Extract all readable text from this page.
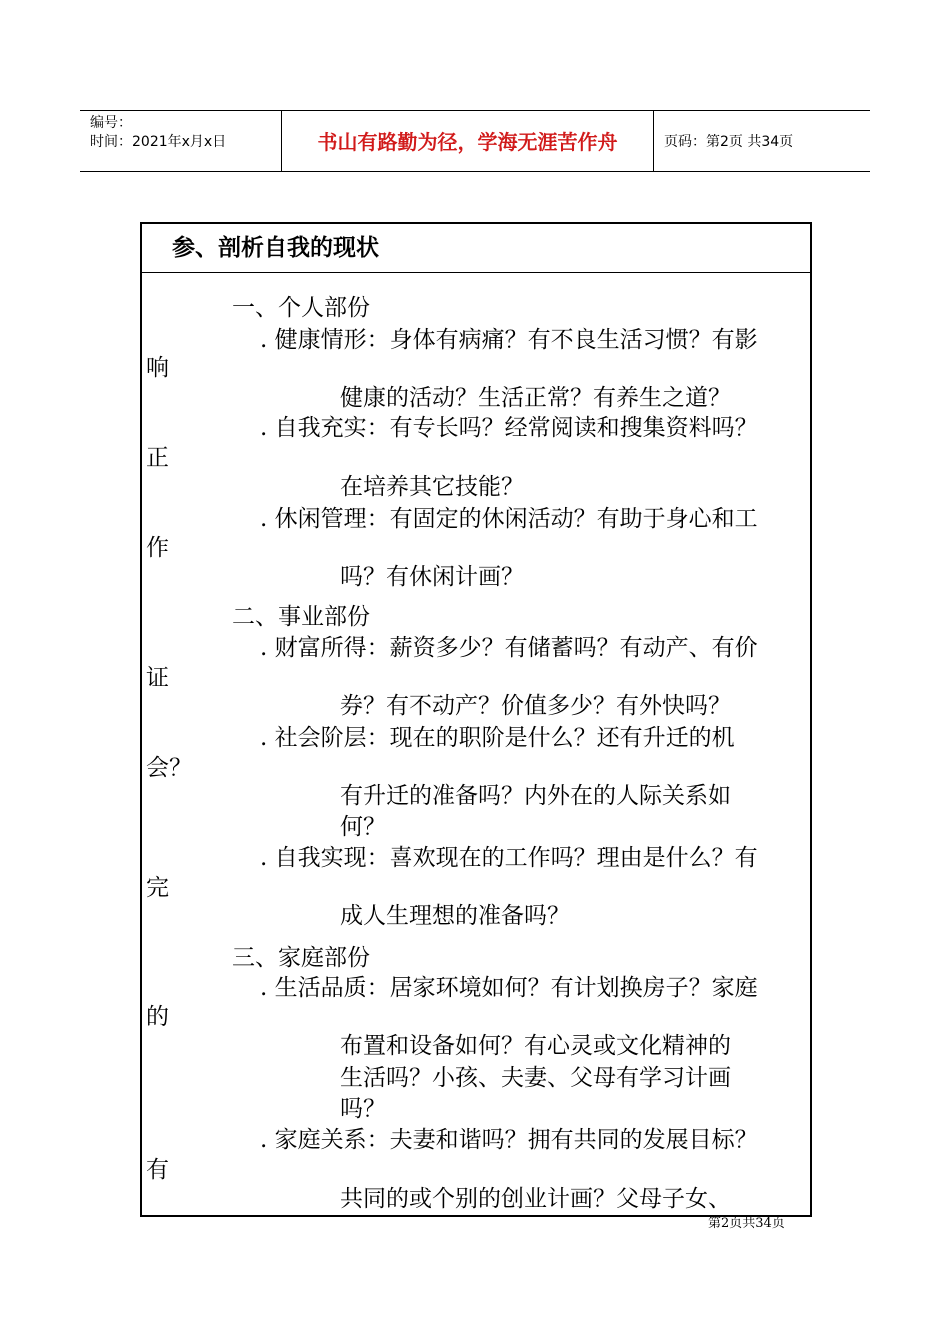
编号：
时间：2021年x月x日	书山有路勤为径，学海无涯苦作舟	页码：第2页 共34页
参、剖析自我的现状
响
正
作
证
会？
完
的
有
一、个人部份
. 健康情形：身体有病痛？有不良生活习惯？有影
健康的活动？生活正常？有养生之道？
. 自我充实：有专长吗？经常阅读和搜集资料吗？
在培养其它技能？
. 休闲管理：有固定的休闲活动？有助于身心和工
吗？有休闲计画？
二、事业部份
. 财富所得：薪资多少？有储蓄吗？有动产、有价
券？有不动产？价值多少？有外快吗？
. 社会阶层：现在的职阶是什么？还有升迁的机
有升迁的准备吗？内外在的人际关系如
何？
. 自我实现：喜欢现在的工作吗？理由是什么？有
成人生理想的准备吗？
三、家庭部份
. 生活品质：居家环境如何？有计划换房子？家庭
布置和设备如何？有心灵或文化精神的
生活吗？小孩、夫妻、父母有学习计画
吗？
. 家庭关系：夫妻和谐吗？拥有共同的发展目标？
共同的或个别的创业计画？父母子女、
第2页共34页
